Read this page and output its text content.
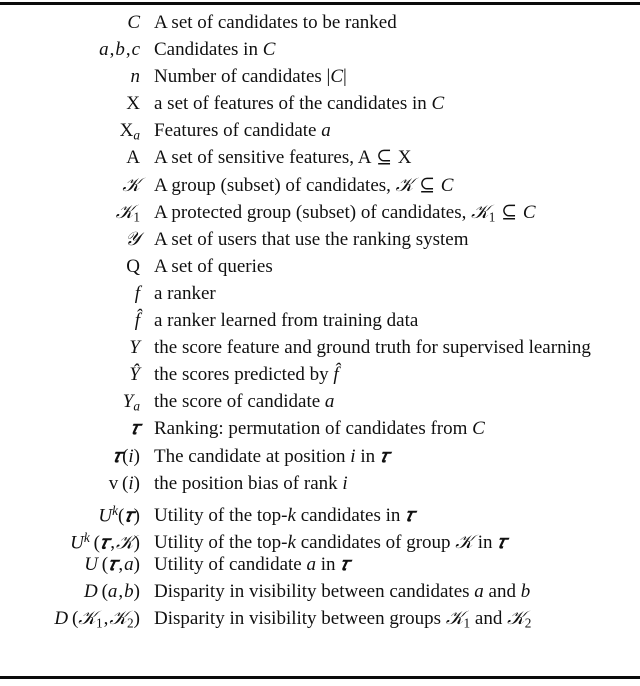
C A set of candidates to be ranked
a,b,c Candidates in C
n Number of candidates |C|
X a set of features of the candidates in C
Xa Features of candidate a
A A set of sensitive features, A ⊆ X
𝒦 A group (subset) of candidates, 𝒦 ⊆ C
𝒦1 A protected group (subset) of candidates, 𝒦1 ⊆ C
𝒴 A set of users that use the ranking system
Q A set of queries
f a ranker
f̂ a ranker learned from training data
Y the score feature and ground truth for supervised learning
Ŷ the scores predicted by f̂
Ya the score of candidate a
𝜏 Ranking: permutation of candidates from C
𝜏(i) The candidate at position i in 𝜏
v (i) the position bias of rank i
$U^k(𝜏)$ Utility of the top-k candidates in 𝜏
$U^k$ (𝜏,𝒦) Utility of the top-k candidates of group 𝒦 in 𝜏
U (𝜏,a) Utility of candidate a in 𝜏
D (a,b) Disparity in visibility between candidates a and b
D (𝒦1,𝒦2) Disparity in visibility between groups 𝒦1 and 𝒦2
